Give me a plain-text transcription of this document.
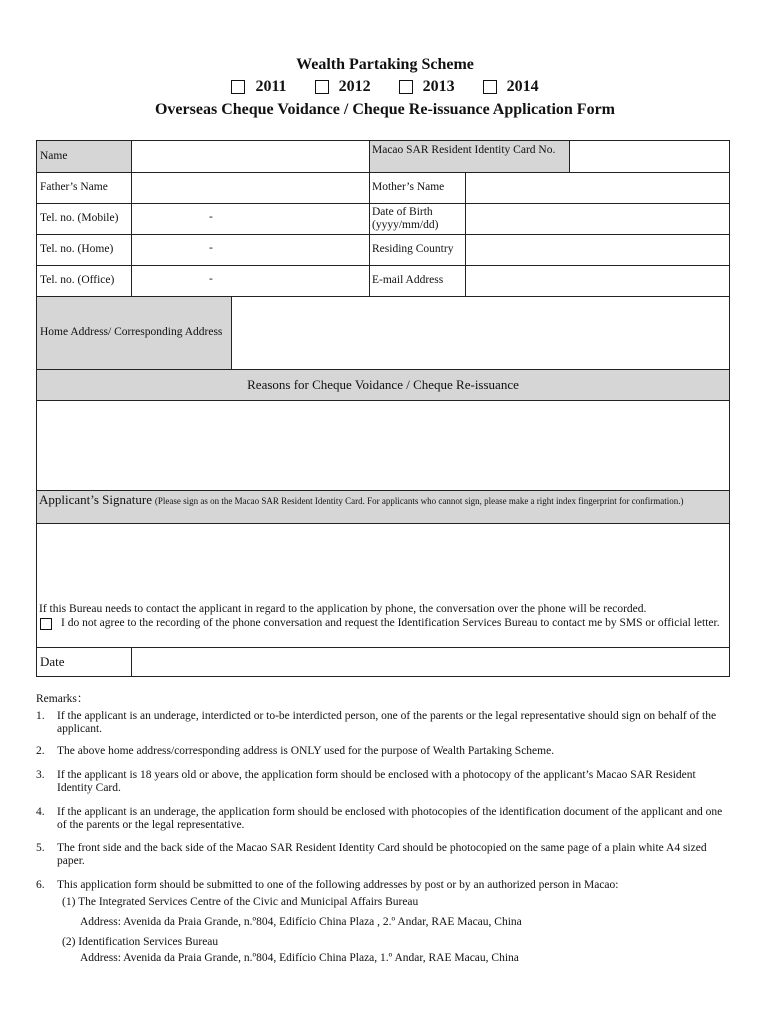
Wealth Partaking Scheme
2011	2012	2013	2014
Overseas Cheque Voidance / Cheque Re-issuance Application Form
Name	Macao SAR Resident Identity Card No.
Father’s Name	Mother’s Name
Tel. no. (Mobile)	-	Date of Birth (yyyy/mm/dd)
Tel. no. (Home)	-	Residing Country
Tel. no. (Office)	-	E-mail Address
Home Address/ Corresponding Address
Reasons for Cheque Voidance / Cheque Re-issuance
Applicant’s Signature (Please sign as on the Macao SAR Resident Identity Card. For applicants who cannot sign, please make a right index fingerprint for confirmation.)
If this Bureau needs to contact the applicant in regard to the application by phone, the conversation over the phone will be recorded.
I do not agree to the recording of the phone conversation and request the Identification Services Bureau to contact me by SMS or official letter.
Date
Remarks：
1.	If the applicant is an underage, interdicted or to-be interdicted person, one of the parents or the legal representative should sign on behalf of the applicant.
2.	The above home address/corresponding address is ONLY used for the purpose of Wealth Partaking Scheme.
3.	If the applicant is 18 years old or above, the application form should be enclosed with a photocopy of the applicant’s Macao SAR Resident Identity Card.
4.	If the applicant is an underage, the application form should be enclosed with photocopies of the identification document of the applicant and one of the parents or the legal representative.
5.	The front side and the back side of the Macao SAR Resident Identity Card should be photocopied on the same page of a plain white A4 sized paper.
6.	This application form should be submitted to one of the following addresses by post or by an authorized person in Macao:
(1) The Integrated Services Centre of the Civic and Municipal Affairs Bureau
Address: Avenida da Praia Grande, n.º804, Edifício China Plaza , 2.º Andar, RAE Macau, China
(2) Identification Services Bureau
Address: Avenida da Praia Grande, n.º804, Edifício China Plaza, 1.º Andar, RAE Macau, China
